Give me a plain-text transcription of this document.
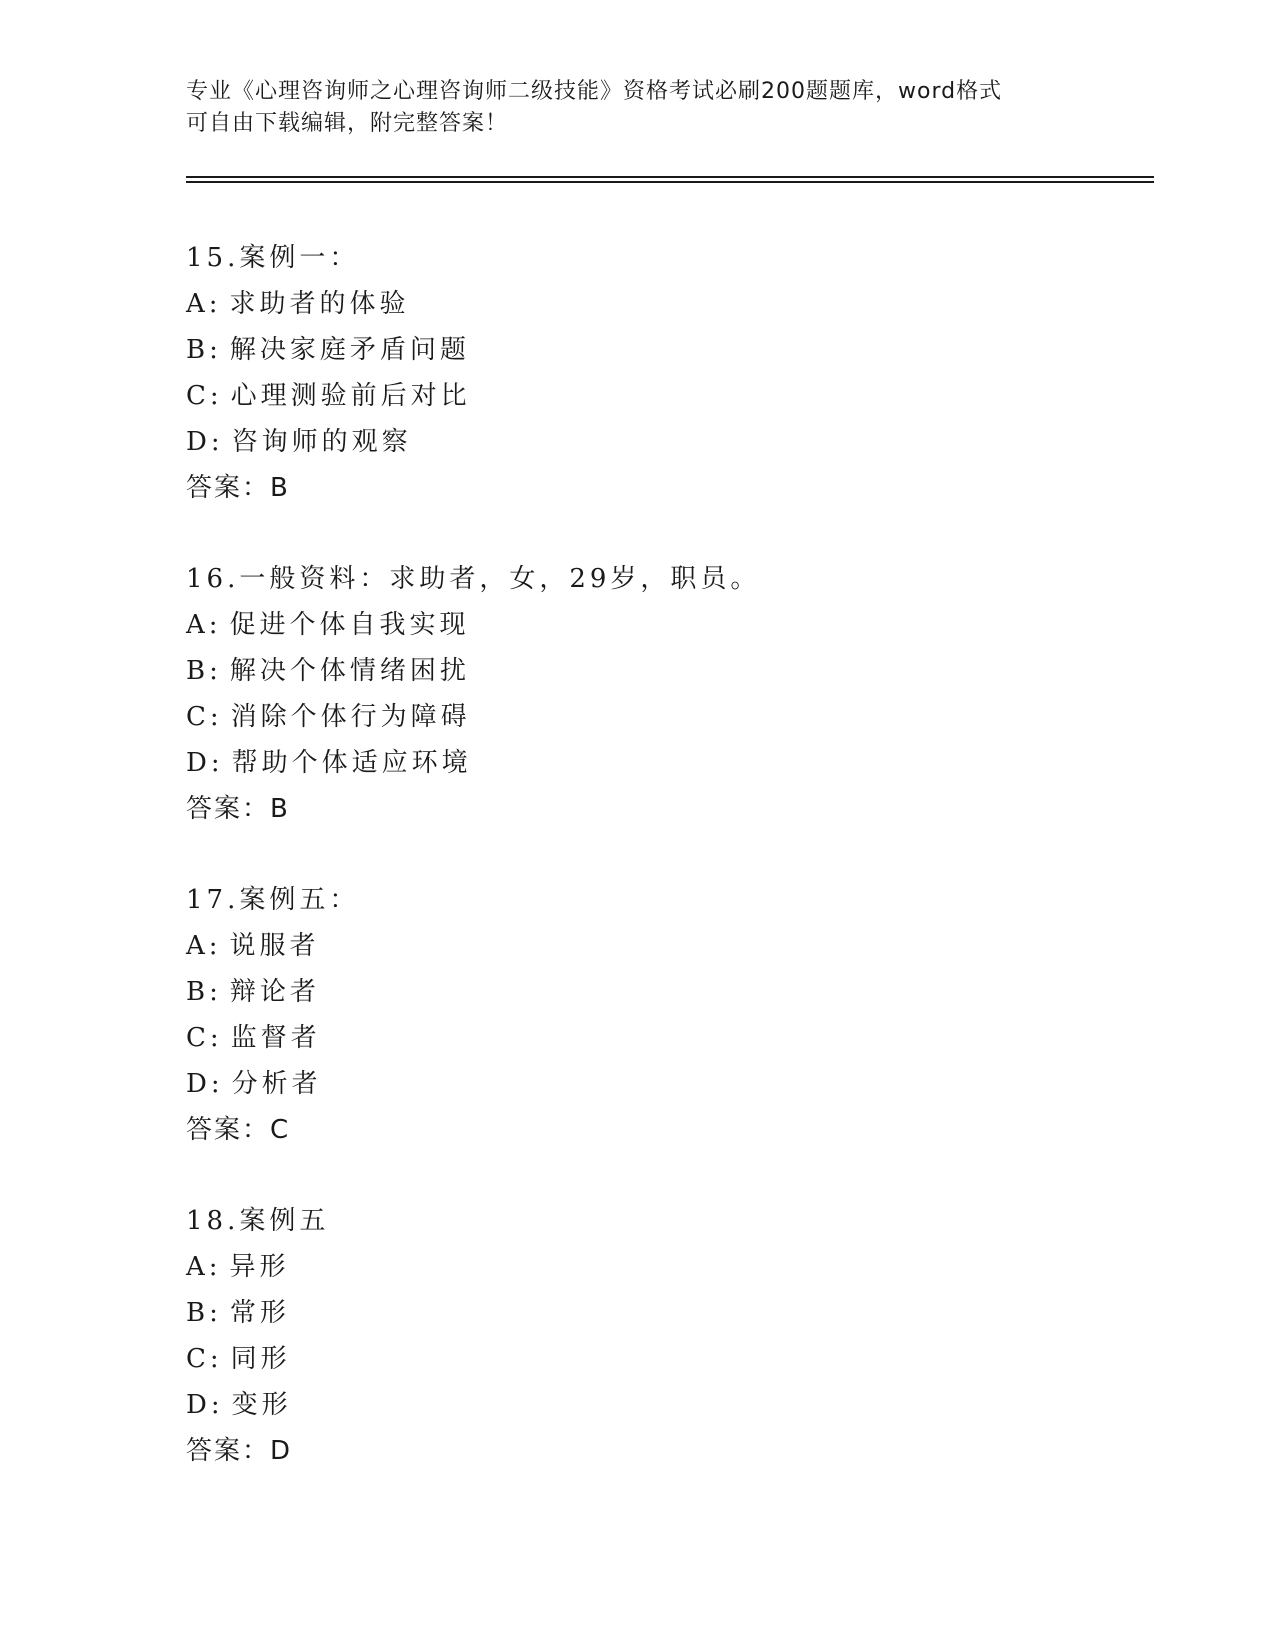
专业《心理咨询师之心理咨询师二级技能》资格考试必刷200题题库，word格式
可自由下载编辑，附完整答案！
15.案例一：
A: 求助者的体验
B: 解决家庭矛盾问题
C: 心理测验前后对比
D: 咨询师的观察
答案：B
16.一般资料：求助者，女，29岁，职员。
A: 促进个体自我实现
B: 解决个体情绪困扰
C: 消除个体行为障碍
D: 帮助个体适应环境
答案：B
17.案例五：
A: 说服者
B: 辩论者
C: 监督者
D: 分析者
答案：C
18.案例五
A: 异形
B: 常形
C: 同形
D: 变形
答案：D
